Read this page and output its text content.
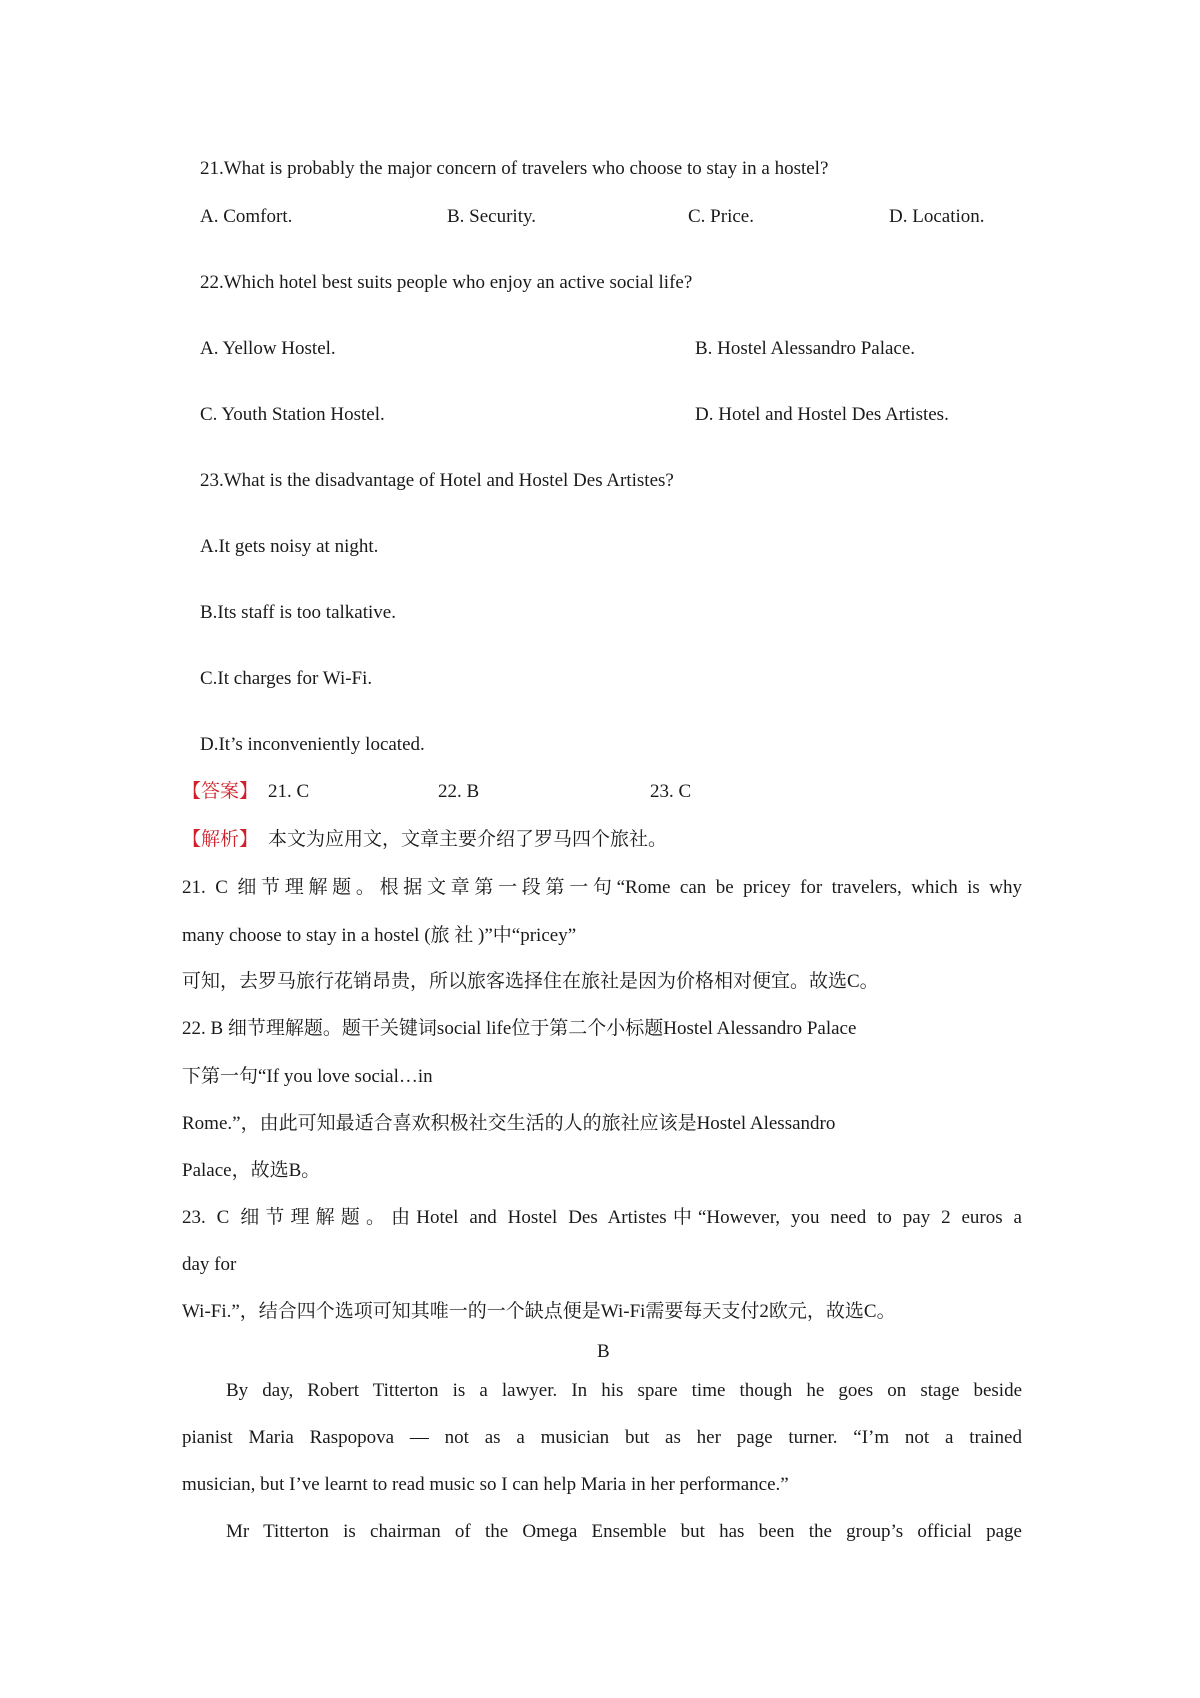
21.What is probably the major concern of travelers who choose to stay in a hostel?
A. Comfort.	B. Security.	C. Price.	D. Location.
22.Which hotel best suits people who enjoy an active social life?
A. Yellow Hostel.	B. Hostel Alessandro Palace.
C. Youth Station Hostel.	D. Hotel and Hostel Des Artistes.
23.What is the disadvantage of Hotel and Hostel Des Artistes?
A.It gets noisy at night.
B.Its staff is too talkative.
C.It charges for Wi-Fi.
D.It’s inconveniently located.
【答案】 21. C	22. B	23. C
【解析】 本文为应用文，文章主要介绍了罗马四个旅社。
21. C 细节理解题。根据文章第一段第一句“Rome can be pricey for travelers, which is why
many choose to stay in a hostel (旅 社 )”中“pricey”
可知，去罗马旅行花销昂贵，所以旅客选择住在旅社是因为价格相对便宜。故选C。
22. B 细节理解题。题干关键词social life位于第二个小标题Hostel Alessandro Palace
下第一句“If you love social…in
Rome.”，由此可知最适合喜欢积极社交生活的人的旅社应该是Hostel Alessandro
Palace，故选B。
23. C 细节理解题。由Hotel and Hostel Des Artistes中“However, you need to pay 2 euros a
day for
Wi-Fi.”，结合四个选项可知其唯一的一个缺点便是Wi-Fi需要每天支付2欧元，故选C。
B
By day, Robert Titterton is a lawyer. In his spare time though he goes on stage beside
pianist Maria Raspopova — not as a musician but as her page turner. “I’m not a trained
musician, but I’ve learnt to read music so I can help Maria in her performance.”
Mr Titterton is chairman of the Omega Ensemble but has been the group’s official page
